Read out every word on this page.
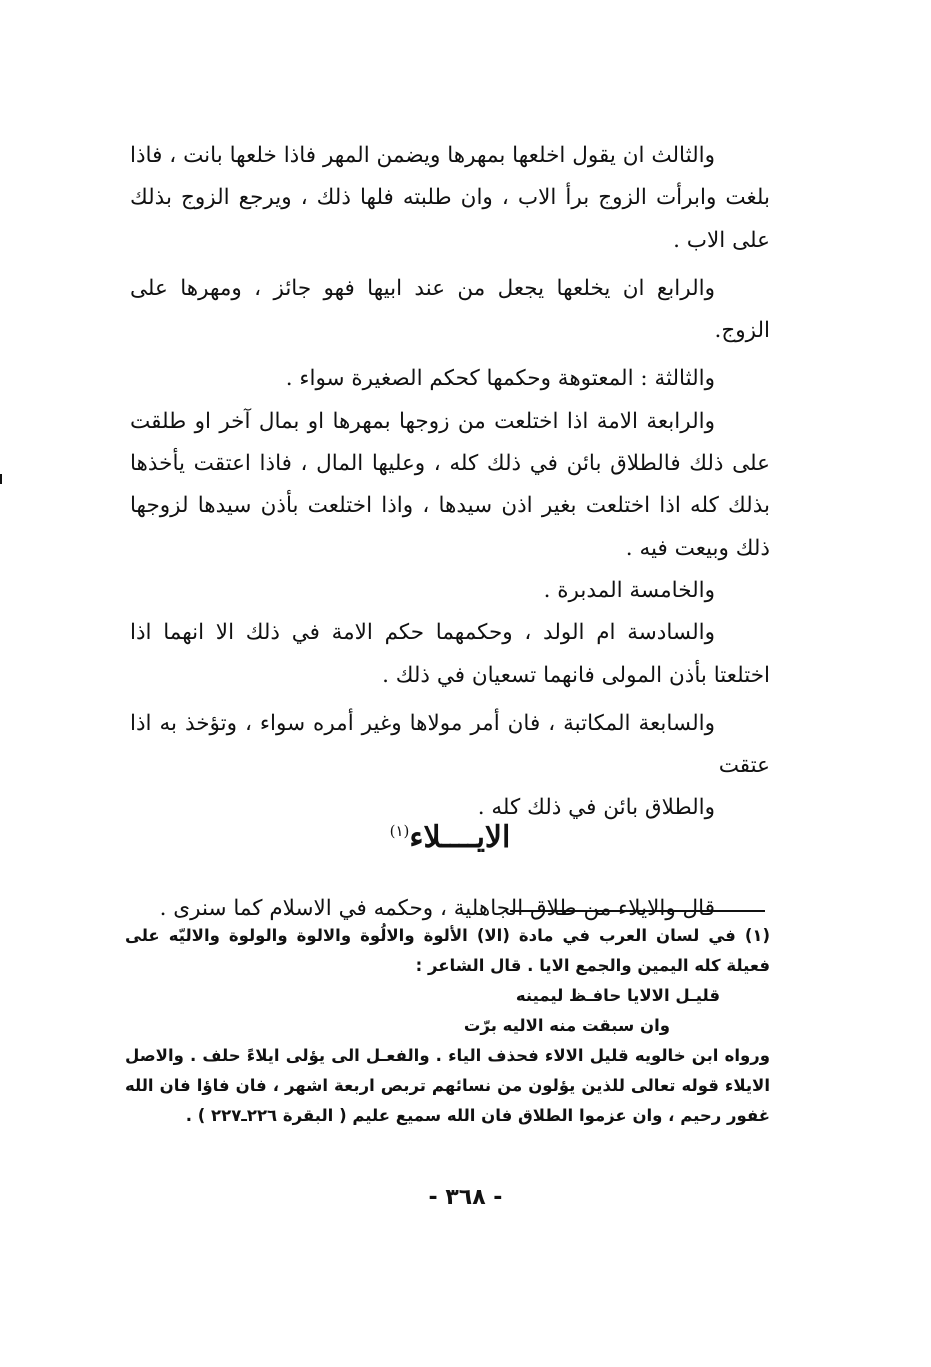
والثالث ان يقول اخلعها بمهرها ويضمن المهر فاذا خلعها بانت ، فاذا بلغت وابرأت الزوج برأ الاب ، وان طلبته فلها ذلك ، ويرجع الزوج بذلك على الاب .

والرابع ان يخلعها يجعل من عند ابيها فهو جائز ، ومهرها على الزوج.

والثالثة : المعتوهة وحكمها كحكم الصغيرة سواء .

والرابعة الامة اذا اختلعت من زوجها بمهرها او بمال آخر او طلقت على ذلك فالطلاق بائن في ذلك كله ، وعليها المال ، فاذا اعتقت يأخذها بذلك كله اذا اختلعت بغير اذن سيدها ، واذا اختلعت بأذن سيدها لزوجها ذلك وبيعت فيه .

والخامسة المدبرة .

والسادسة ام الولد ، وحكمهما حكم الامة في ذلك الا انهما اذا اختلعتا بأذن المولى فانهما تسعيان في ذلك .

والسابعة المكاتبة ، فان أمر مولاها وغير أمره سواء ، وتؤخذ به اذا عتقت

والطلاق بائن في ذلك كله .

الايــــلاء$^{(١)}$

قال والايلاء من طلاق الجاهلية ، وحكمه في الاسلام كما سنرى .

(١) في لسان العرب في مادة (الا) الألوة والالُوة والالوة والولوة والاليّه على فعيلة كله اليمين والجمع الايا . قال الشاعر :

قليـل الالايا حافـظ ليمينه

وان سبقت منه الاليه برّت

ورواه ابن خالويه قليل الالاء فحذف الياء . والفعـل الى يؤلى ايلاءً حلف . والاصل الايلاء قوله تعالى للذين يؤلون من نسائهم تربص اربعة اشهر ، فان فاؤا فان الله غفور رحيم ، وان عزموا الطلاق فان الله سميع عليم ( البقرة ٢٢٦ـ٢٢٧ ) .

- ٣٦٨ -
